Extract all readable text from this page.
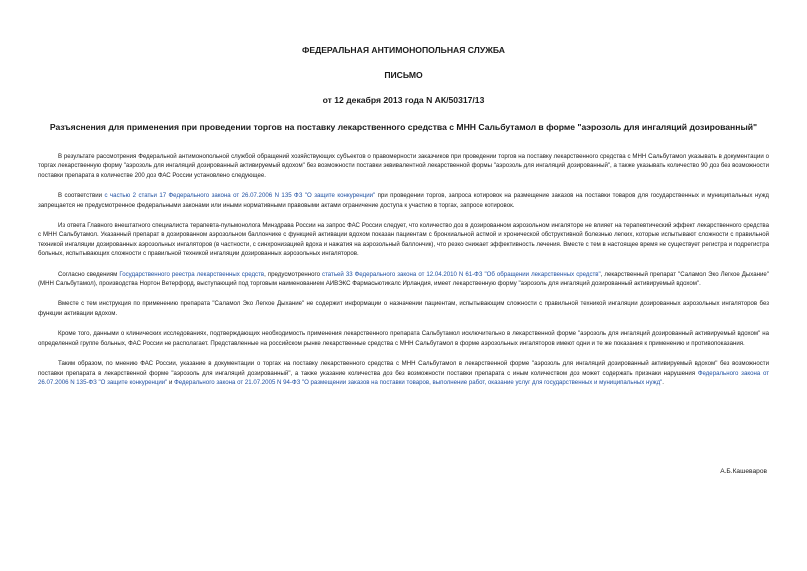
ФЕДЕРАЛЬНАЯ АНТИМОНОПОЛЬНАЯ СЛУЖБА
ПИСЬМО
от 12 декабря 2013 года N АК/50317/13
Разъяснения для применения при проведении торгов на поставку лекарственного средства с МНН Сальбутамол в форме "аэрозоль для ингаляций дозированный"

В результате рассмотрения Федеральной антимонопольной службой обращений хозяйствующих субъектов о правомерности заказчиков при проведении торгов на поставку лекарственного средства с МНН Сальбутамол указывать в документации о торгах лекарственную форму "аэрозоль для ингаляций дозированный активируемый вдохом" без возможности поставки эквивалентной лекарственной формы "аэрозоль для ингаляций дозированный", а также указывать количество 90 доз без возможности поставки препарата в количестве 200 доз ФАС России установлено следующее.

В соответствии с частью 2 статьи 17 Федерального закона от 26.07.2006 N 135 ФЗ "О защите конкуренции" при проведении торгов, запроса котировок на размещение заказов на поставки товаров для государственных и муниципальных нужд запрещается не предусмотренное федеральными законами или иными нормативными правовыми актами ограничение доступа к участию в торгах, запросе котировок.

Из ответа Главного внештатного специалиста терапевта-пульмонолога Минздрава России на запрос ФАС России следует, что количество доз в дозированном аэрозольном ингаляторе не влияет на терапевтический эффект лекарственного средства с МНН Сальбутамол. Указанный препарат в дозированном аэрозольном баллончике с функцией активации вдохом показан пациентам с бронхиальной астмой и хронической обструктивной болезнью легких, которые испытывают сложности с правильной техникой ингаляции дозированных аэрозольных ингаляторов (в частности, с синхронизацией вдоха и нажатия на аэрозольный баллончик), что резко снижает эффективность лечения. Вместе с тем в настоящее время не существует регистра и подрегистра больных, испытывающих сложности с правильной техникой ингаляции дозированных аэрозольных ингаляторов.

Согласно сведениям Государственного реестра лекарственных средств, предусмотренного статьей 33 Федерального закона от 12.04.2010 N 61-ФЗ "Об обращении лекарственных средств", лекарственный препарат "Саламол Эко Легкое Дыхание" (МНН Сальбутамол), производства Нортон Ветерфорд, выступающий под торговым наименованием АИВЭКС Фармасьютикалс Ирландия, имеет лекарственную форму "аэрозоль для ингаляций дозированный активируемый вдохом".

Вместе с тем инструкция по применению препарата "Саламол Эко Легкое Дыхание" не содержит информации о назначении пациентам, испытывающим сложности с правильной техникой ингаляции дозированных аэрозольных ингаляторов без функции активации вдохом.

Кроме того, данными о клинических исследованиях, подтверждающих необходимость применения лекарственного препарата Сальбутамол исключительно в лекарственной форме "аэрозоль для ингаляций дозированный активируемый вдохом" на определенной группе больных, ФАС России не располагает. Представленные на российском рынке лекарственные средства с МНН Сальбутамол в форме аэрозольных ингаляторов имеют одни и те же показания к применению и противопоказания.

Таким образом, по мнению ФАС России, указание в документации о торгах на поставку лекарственного средства с МНН Сальбутамол в лекарственной форме "аэрозоль для ингаляций дозированный активируемый вдохом" без возможности поставки препарата в лекарственной форме "аэрозоль для ингаляций дозированный", а также указание количества доз без возможности поставки препарата с иным количеством доз может содержать признаки нарушения Федерального закона от 26.07.2006 N 135-ФЗ "О защите конкуренции" и Федерального закона от 21.07.2005 N 94-ФЗ "О размещении заказов на поставки товаров, выполнение работ, оказание услуг для государственных и муниципальных нужд".

А.Б.Кашеваров
